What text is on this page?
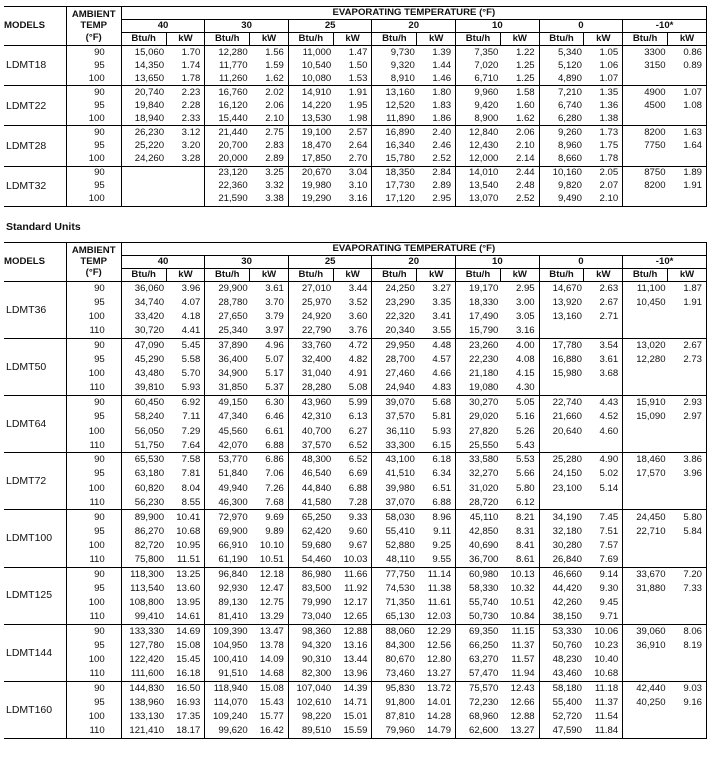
MODELS	AMBIENT
TEMP
(°F)	EVAPORATING TEMPERATURE (°F)													
		40		30		25		20		10		0		-10*	
		Btu/h	kW	Btu/h	kW	Btu/h	kW	Btu/h	kW	Btu/h	kW	Btu/h	kW	Btu/h	kW
LDMT18	90	15,060	1.70	12,280	1.56	11,000	1.47	9,730	1.39	7,350	1.22	5,340	1.05	3300	0.86
	95	14,350	1.74	11,770	1.59	10,540	1.50	9,320	1.44	7,020	1.25	5,120	1.06	3150	0.89
	100	13,650	1.78	11,260	1.62	10,080	1.53	8,910	1.46	6,710	1.25	4,890	1.07		
LDMT22	90	20,740	2.23	16,760	2.02	14,910	1.91	13,160	1.80	9,960	1.58	7,210	1.35	4900	1.07
	95	19,840	2.28	16,120	2.06	14,220	1.95	12,520	1.83	9,420	1.60	6,740	1.36	4500	1.08
	100	18,940	2.33	15,440	2.10	13,530	1.98	11,890	1.86	8,900	1.62	6,280	1.38		
LDMT28	90	26,230	3.12	21,440	2.75	19,100	2.57	16,890	2.40	12,840	2.06	9,260	1.73	8200	1.63
	95	25,220	3.20	20,700	2.83	18,470	2.64	16,340	2.46	12,430	2.10	8,960	1.75	7750	1.64
	100	24,260	3.28	20,000	2.89	17,850	2.70	15,780	2.52	12,000	2.14	8,660	1.78		
LDMT32	90			23,120	3.25	20,670	3.04	18,350	2.84	14,010	2.44	10,160	2.05	8750	1.89
	95			22,360	3.32	19,980	3.10	17,730	2.89	13,540	2.48	9,820	2.07	8200	1.91
	100			21,590	3.38	19,290	3.16	17,120	2.95	13,070	2.52	9,490	2.10		
Standard Units
MODELS	AMBIENT
TEMP
(°F)	EVAPORATING TEMPERATURE (°F)													
		40		30		25		20		10		0		-10*	
		Btu/h	kW	Btu/h	kW	Btu/h	kW	Btu/h	kW	Btu/h	kW	Btu/h	kW	Btu/h	kW
LDMT36	90	36,060	3.96	29,900	3.61	27,010	3.44	24,250	3.27	19,170	2.95	14,670	2.63	11,100	1.87
	95	34,740	4.07	28,780	3.70	25,970	3.52	23,290	3.35	18,330	3.00	13,920	2.67	10,450	1.91
	100	33,420	4.18	27,650	3.79	24,920	3.60	22,320	3.41	17,490	3.05	13,160	2.71		
	110	30,720	4.41	25,340	3.97	22,790	3.76	20,340	3.55	15,790	3.16				
LDMT50	90	47,090	5.45	37,890	4.96	33,760	4.72	29,950	4.48	23,260	4.00	17,780	3.54	13,020	2.67
	95	45,290	5.58	36,400	5.07	32,400	4.82	28,700	4.57	22,230	4.08	16,880	3.61	12,280	2.73
	100	43,480	5.70	34,900	5.17	31,040	4.91	27,460	4.66	21,180	4.15	15,980	3.68		
	110	39,810	5.93	31,850	5.37	28,280	5.08	24,940	4.83	19,080	4.30				
LDMT64	90	60,450	6.92	49,150	6.30	43,960	5.99	39,070	5.68	30,270	5.05	22,740	4.43	15,910	2.93
	95	58,240	7.11	47,340	6.46	42,310	6.13	37,570	5.81	29,020	5.16	21,660	4.52	15,090	2.97
	100	56,050	7.29	45,560	6.61	40,700	6.27	36,110	5.93	27,820	5.26	20,640	4.60		
	110	51,750	7.64	42,070	6.88	37,570	6.52	33,300	6.15	25,550	5.43				
LDMT72	90	65,530	7.58	53,770	6.86	48,300	6.52	43,100	6.18	33,580	5.53	25,280	4.90	18,460	3.86
	95	63,180	7.81	51,840	7.06	46,540	6.69	41,510	6.34	32,270	5.66	24,150	5.02	17,570	3.96
	100	60,820	8.04	49,940	7.26	44,840	6.88	39,980	6.51	31,020	5.80	23,100	5.14		
	110	56,230	8.55	46,300	7.68	41,580	7.28	37,070	6.88	28,720	6.12				
LDMT100	90	89,900	10.41	72,970	9.69	65,250	9.33	58,030	8.96	45,110	8.21	34,190	7.45	24,450	5.80
	95	86,270	10.68	69,900	9.89	62,420	9.60	55,410	9.11	42,850	8.31	32,180	7.51	22,710	5.84
	100	82,720	10.95	66,910	10.10	59,680	9.67	52,880	9.25	40,690	8.41	30,280	7.57		
	110	75,800	11.51	61,190	10.51	54,460	10.03	48,110	9.55	36,700	8.61	26,840	7.69		
LDMT125	90	118,300	13.25	96,840	12.18	86,980	11.66	77,750	11.14	60,980	10.13	46,660	9.14	33,670	7.20
	95	113,540	13.60	92,930	12.47	83,500	11.92	74,530	11.38	58,330	10.32	44,420	9.30	31,880	7.33
	100	108,800	13.95	89,130	12.75	79,990	12.17	71,350	11.61	55,740	10.51	42,260	9.45		
	110	99,410	14.61	81,410	13.29	73,040	12.65	65,130	12.03	50,730	10.84	38,150	9.71		
LDMT144	90	133,330	14.69	109,390	13.47	98,360	12.88	88,060	12.29	69,350	11.15	53,330	10.06	39,060	8.06
	95	127,780	15.08	104,950	13.78	94,320	13.16	84,300	12.56	66,250	11.37	50,760	10.23	36,910	8.19
	100	122,420	15.45	100,410	14.09	90,310	13.44	80,670	12.80	63,270	11.57	48,230	10.40		
	110	111,600	16.18	91,510	14.68	82,300	13.96	73,460	13.27	57,470	11.94	43,460	10.68		
LDMT160	90	144,830	16.50	118,940	15.08	107,040	14.39	95,830	13.72	75,570	12.43	58,180	11.18	42,440	9.03
	95	138,960	16.93	114,070	15.43	102,610	14.71	91,800	14.01	72,230	12.66	55,400	11.37	40,250	9.16
	100	133,130	17.35	109,240	15.77	98,220	15.01	87,810	14.28	68,960	12.88	52,720	11.54		
	110	121,410	18.17	99,620	16.42	89,510	15.59	79,960	14.79	62,600	13.27	47,590	11.84		
